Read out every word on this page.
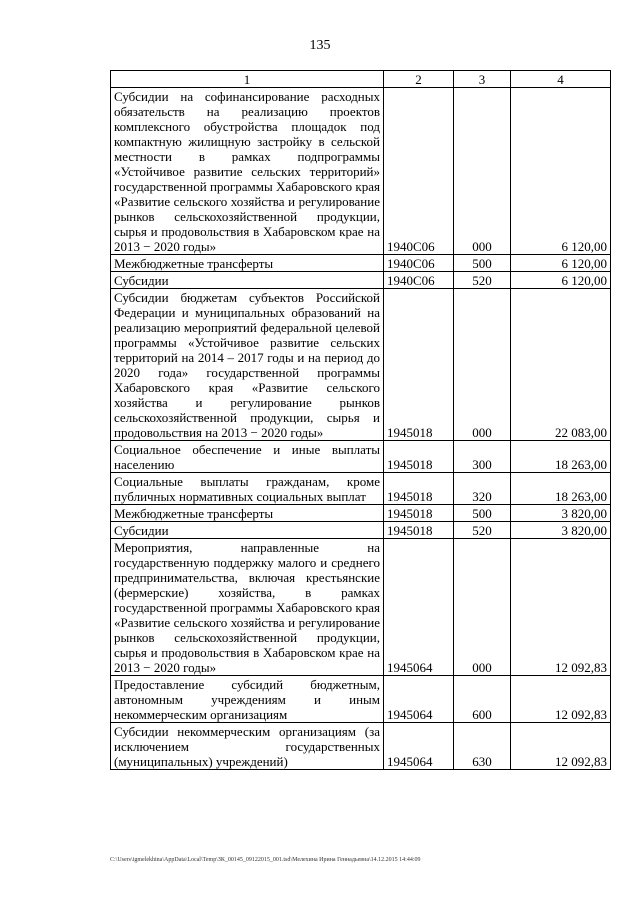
135
1	2	3	4
Субсидии на софинансирование расходных обязательств на реализацию проектов комплексного обустройства площадок под компактную жилищную застройку в сельской местности в рамках подпрограммы «Устойчивое развитие сельских территорий» государственной программы Хабаровского края «Развитие сельского хозяйства и регулирование рынков сельскохозяйственной продукции, сырья и продовольствия в Хабаровском крае на 2013 − 2020 годы»	1940С06	000	6 120,00
Межбюджетные трансферты	1940С06	500	6 120,00
Субсидии	1940С06	520	6 120,00
Субсидии бюджетам субъектов Российской Федерации и муниципальных образований на реализацию мероприятий федеральной целевой программы «Устойчивое развитие сельских территорий на 2014 – 2017 годы и на период до 2020 года» государственной программы Хабаровского края «Развитие сельского хозяйства и регулирование рынков сельскохозяйственной продукции, сырья и продовольствия на 2013 − 2020 годы»	1945018	000	22 083,00
Социальное обеспечение и иные выплаты населению	1945018	300	18 263,00
Социальные выплаты гражданам, кроме публичных нормативных социальных выплат	1945018	320	18 263,00
Межбюджетные трансферты	1945018	500	3 820,00
Субсидии	1945018	520	3 820,00
Мероприятия, направленные на государственную поддержку малого и среднего предпринимательства, включая крестьянские (фермерские) хозяйства, в рамках государственной программы Хабаровского края «Развитие сельского хозяйства и регулирование рынков сельскохозяйственной продукции, сырья и продовольствия в Хабаровском крае на 2013 − 2020 годы»	1945064	000	12 092,83
Предоставление субсидий бюджетным, автономным учреждениям и иным некоммерческим организациям	1945064	600	12 092,83
Субсидии некоммерческим организациям (за исключением государственных (муниципальных) учреждений)	1945064	630	12 092,83
C:\Users\igmelekhina\AppData\Local\Temp\ЗК_00145_09122015_001.tsd\Мелехина Ирина Геннадьевна\14.12.2015 14:44:09
